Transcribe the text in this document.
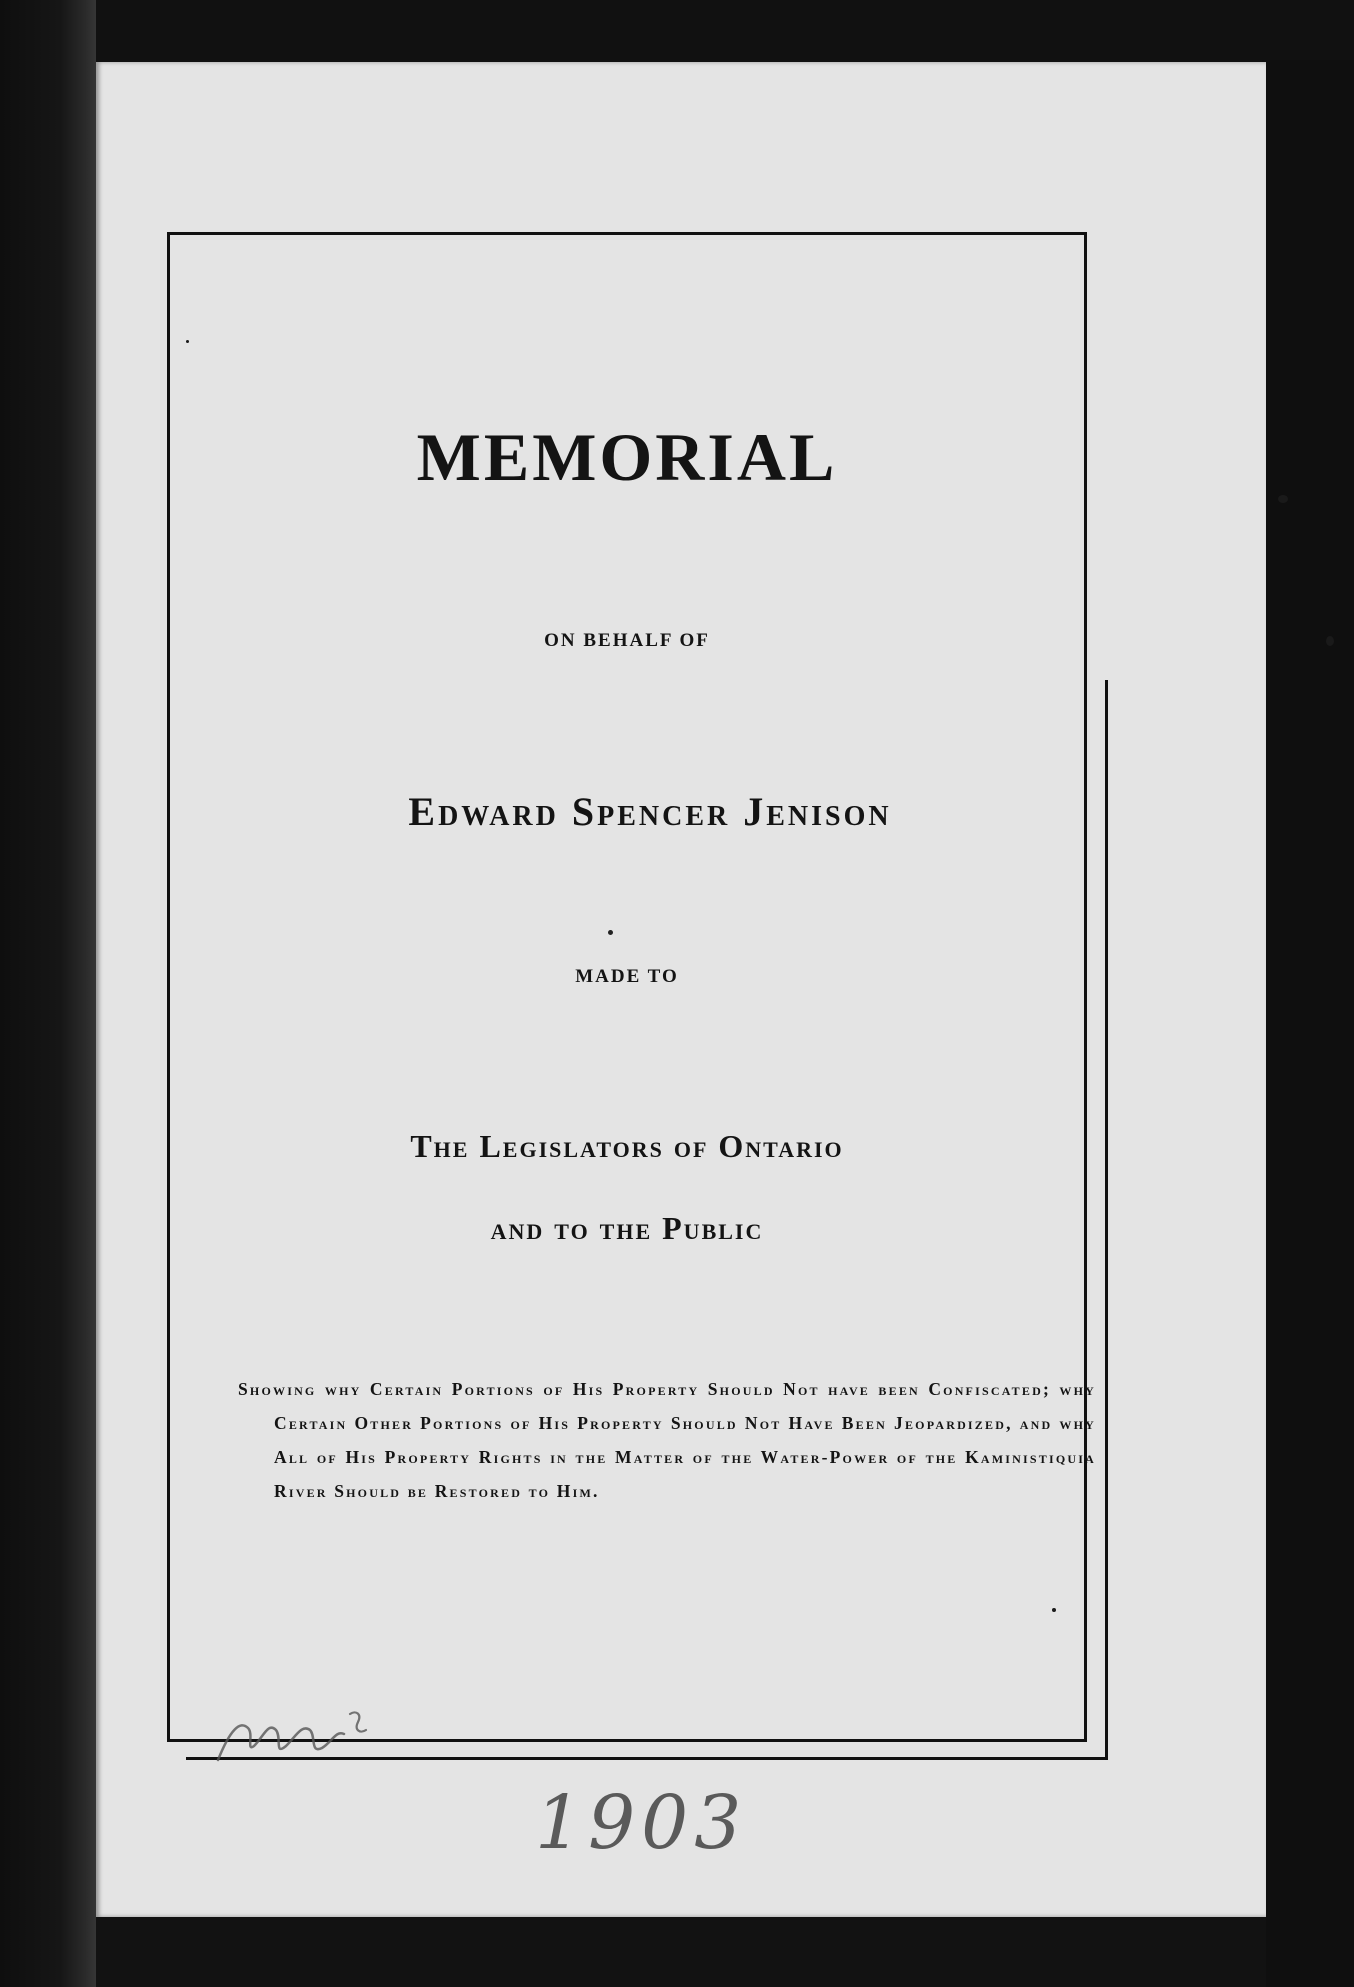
MEMORIAL
ON BEHALF OF
Edward Spencer Jenison
MADE TO
The Legislators of Ontario
and to the Public
Showing why Certain Portions of His Property Should Not have been Confiscated; why Certain Other Portions of His Property Should Not Have Been Jeopardized, and why All of His Property Rights in the Matter of the Water-Power of the Kaministiquia River Should be Restored to Him.
1903
